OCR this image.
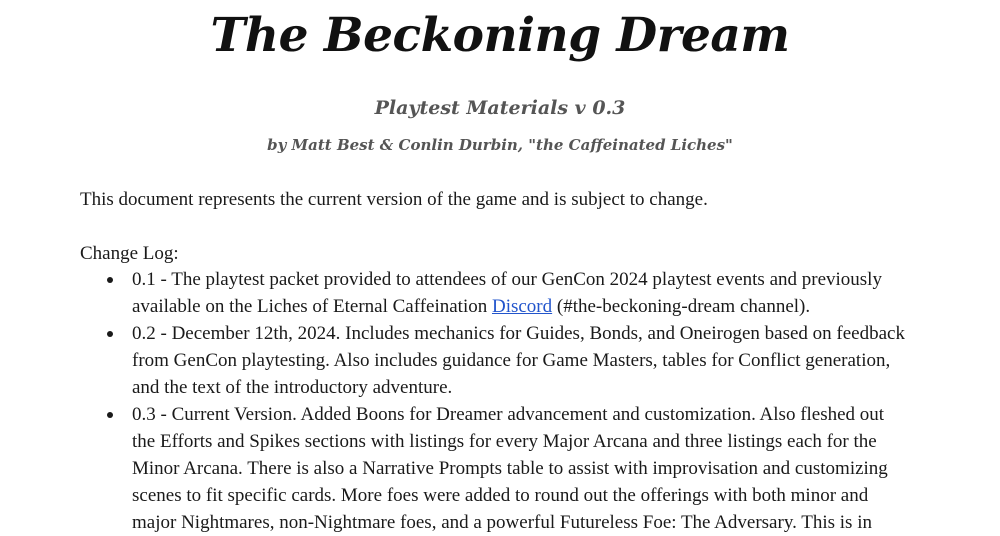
The Beckoning Dream
Playtest Materials v 0.3
by Matt Best & Conlin Durbin, "the Caffeinated Liches"

This document represents the current version of the game and is subject to change.

Change Log:

0.1 - The playtest packet provided to attendees of our GenCon 2024 playtest events and previously available on the Liches of Eternal Caffeination Discord (#the-beckoning-dream channel).
0.2 - December 12th, 2024. Includes mechanics for Guides, Bonds, and Oneirogen based on feedback from GenCon playtesting. Also includes guidance for Game Masters, tables for Conflict generation, and the text of the introductory adventure.
0.3 - Current Version. Added Boons for Dreamer advancement and customization. Also fleshed out the Efforts and Spikes sections with listings for every Major Arcana and three listings each for the Minor Arcana. There is also a Narrative Prompts table to assist with improvisation and customizing scenes to fit specific cards. More foes were added to round out the offerings with both minor and major Nightmares, non-Nightmare foes, and a powerful Futureless Foe: The Adversary. This is in
